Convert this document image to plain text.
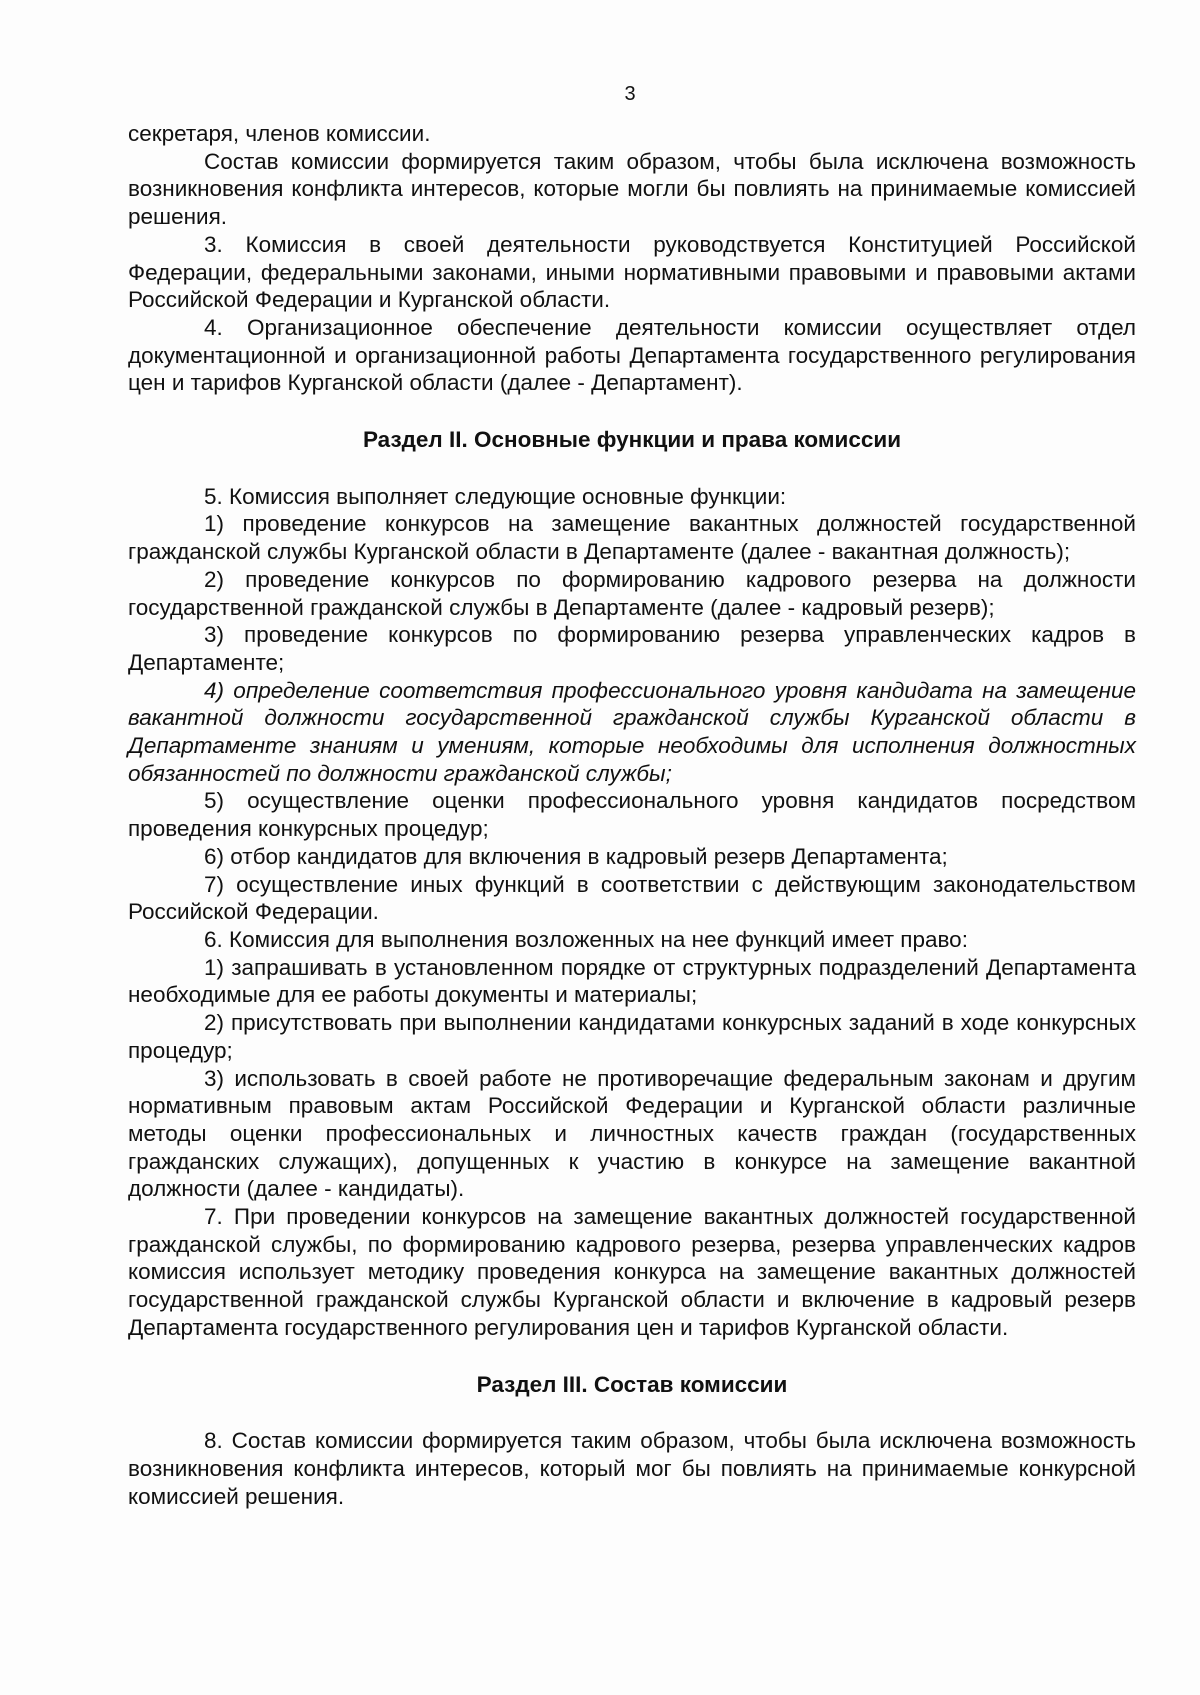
3

секретаря, членов комиссии.

Состав комиссии формируется таким образом, чтобы была исключена возможность возникновения конфликта интересов, которые могли бы повлиять на принимаемые комиссией решения.

3. Комиссия в своей деятельности руководствуется Конституцией Российской Федерации, федеральными законами, иными нормативными правовыми и правовыми актами Российской Федерации и Курганской области.

4. Организационное обеспечение деятельности комиссии осуществляет отдел документационной и организационной работы Департамента государственного регулирования цен и тарифов Курганской области (далее - Департамент).

Раздел II. Основные функции и права комиссии

5. Комиссия выполняет следующие основные функции:

1) проведение конкурсов на замещение вакантных должностей государственной гражданской службы Курганской области в Департаменте (далее - вакантная должность);

2) проведение конкурсов по формированию кадрового резерва на должности государственной гражданской службы в Департаменте (далее - кадровый резерв);

3) проведение конкурсов по формированию резерва управленческих кадров в Департаменте;

4) определение соответствия профессионального уровня кандидата на замещение вакантной должности государственной гражданской службы Курганской области в Департаменте знаниям и умениям, которые необходимы для исполнения должностных обязанностей по должности гражданской службы;

5) осуществление оценки профессионального уровня кандидатов посредством проведения конкурсных процедур;

6) отбор кандидатов для включения в кадровый резерв Департамента;

7) осуществление иных функций в соответствии с действующим законодательством Российской Федерации.

6. Комиссия для выполнения возложенных на нее функций имеет право:

1) запрашивать в установленном порядке от структурных подразделений Департамента необходимые для ее работы документы и материалы;

2) присутствовать при выполнении кандидатами конкурсных заданий в ходе конкурсных процедур;

3) использовать в своей работе не противоречащие федеральным законам и другим нормативным правовым актам Российской Федерации и Курганской области различные методы оценки профессиональных и личностных качеств граждан (государственных гражданских служащих), допущенных к участию в конкурсе на замещение вакантной должности (далее - кандидаты).

7. При проведении конкурсов на замещение вакантных должностей государственной гражданской службы, по формированию кадрового резерва, резерва управленческих кадров комиссия использует методику проведения конкурса на замещение вакантных должностей государственной гражданской службы Курганской области и включение в кадровый резерв Департамента государственного регулирования цен и тарифов Курганской области.

Раздел III. Состав комиссии

8. Состав комиссии формируется таким образом, чтобы была исключена возможность возникновения конфликта интересов, который мог бы повлиять на принимаемые конкурсной комиссией решения.
